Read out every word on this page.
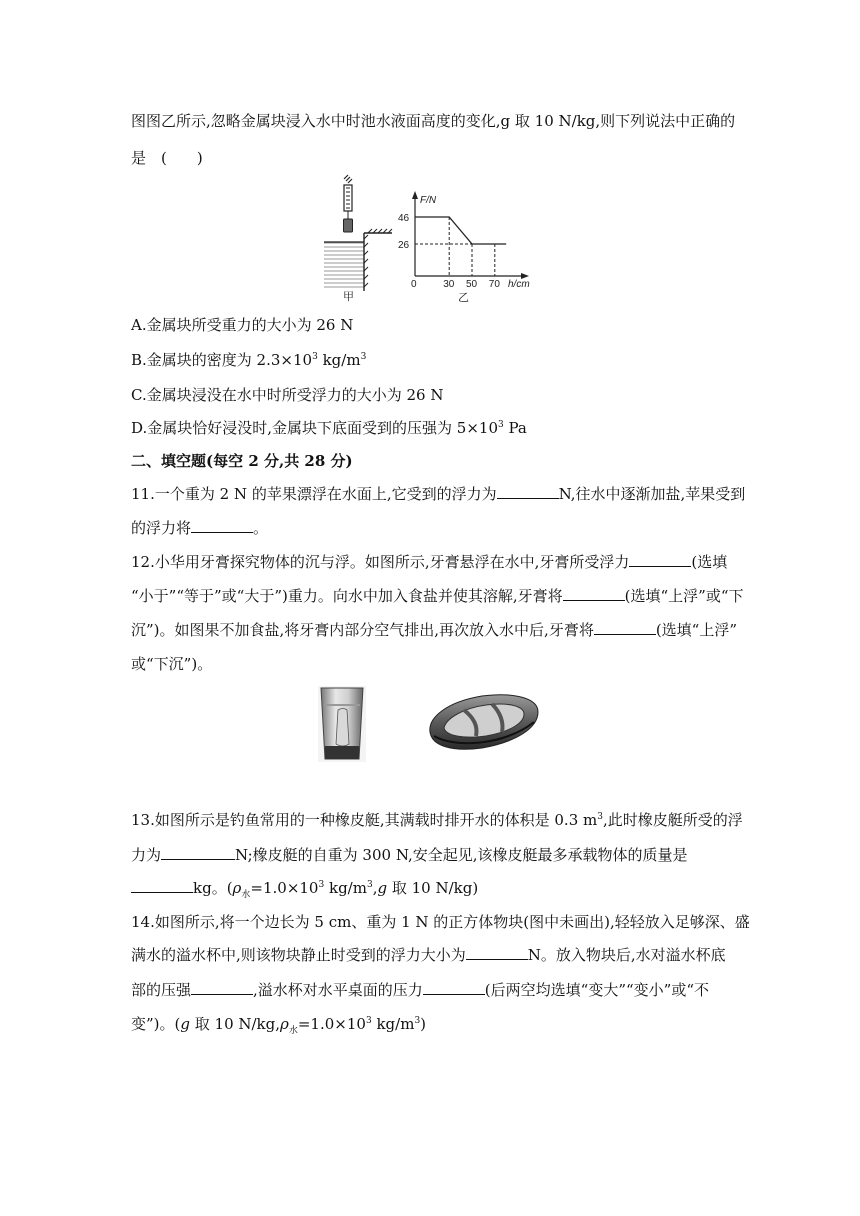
图图乙所示,忽略金属块浸入水中时池水液面高度的变化,g 取 10 N/kg,则下列说法中正确的
是　(　　)
甲
F/N
h/cm
0
46
26
30 50 70
乙
A.金属块所受重力的大小为 26 N
B.金属块的密度为 $2.3\times 10^3$ $kg/m^3$
C.金属块浸没在水中时所受浮力的大小为 26 N
D.金属块恰好浸没时,金属块下底面受到的压强为 $5\times 10^3$ Pa
二、填空题(每空 2 分,共 28 分)
11.一个重为 2 N 的苹果漂浮在水面上,它受到的浮力为	N,往水中逐渐加盐,苹果受到
的浮力将	。
12.小华用牙膏探究物体的沉与浮。如图所示,牙膏悬浮在水中,牙膏所受浮力	(选填
“小于”“等于”或“大于”)重力。向水中加入食盐并使其溶解,牙膏将	(选填“上浮”或“下
沉”)。如图果不加食盐,将牙膏内部分空气排出,再次放入水中后,牙膏将	(选填“上浮”
或“下沉”)。
13.如图所示是钓鱼常用的一种橡皮艇,其满载时排开水的体积是 0.3 $m^3$,此时橡皮艇所受的浮
力为	N;橡皮艇的自重为 300 N,安全起见,该橡皮艇最多承载物体的质量是
kg。($\rho_水=1.0\times 10^3$ $kg/m^3,g$ 取 10 N/kg)
14.如图所示,将一个边长为 5 cm、重为 1 N 的正方体物块(图中未画出),轻轻放入足够深、盛
满水的溢水杯中,则该物块静止时受到的浮力大小为	N。放入物块后,水对溢水杯底
部的压强	,溢水杯对水平桌面的压力	(后两空均选填“变大”“变小”或“不
变”)。(g 取 10 $N/kg,\rho_水=1.0\times 10^3$ $kg/m^3$)
